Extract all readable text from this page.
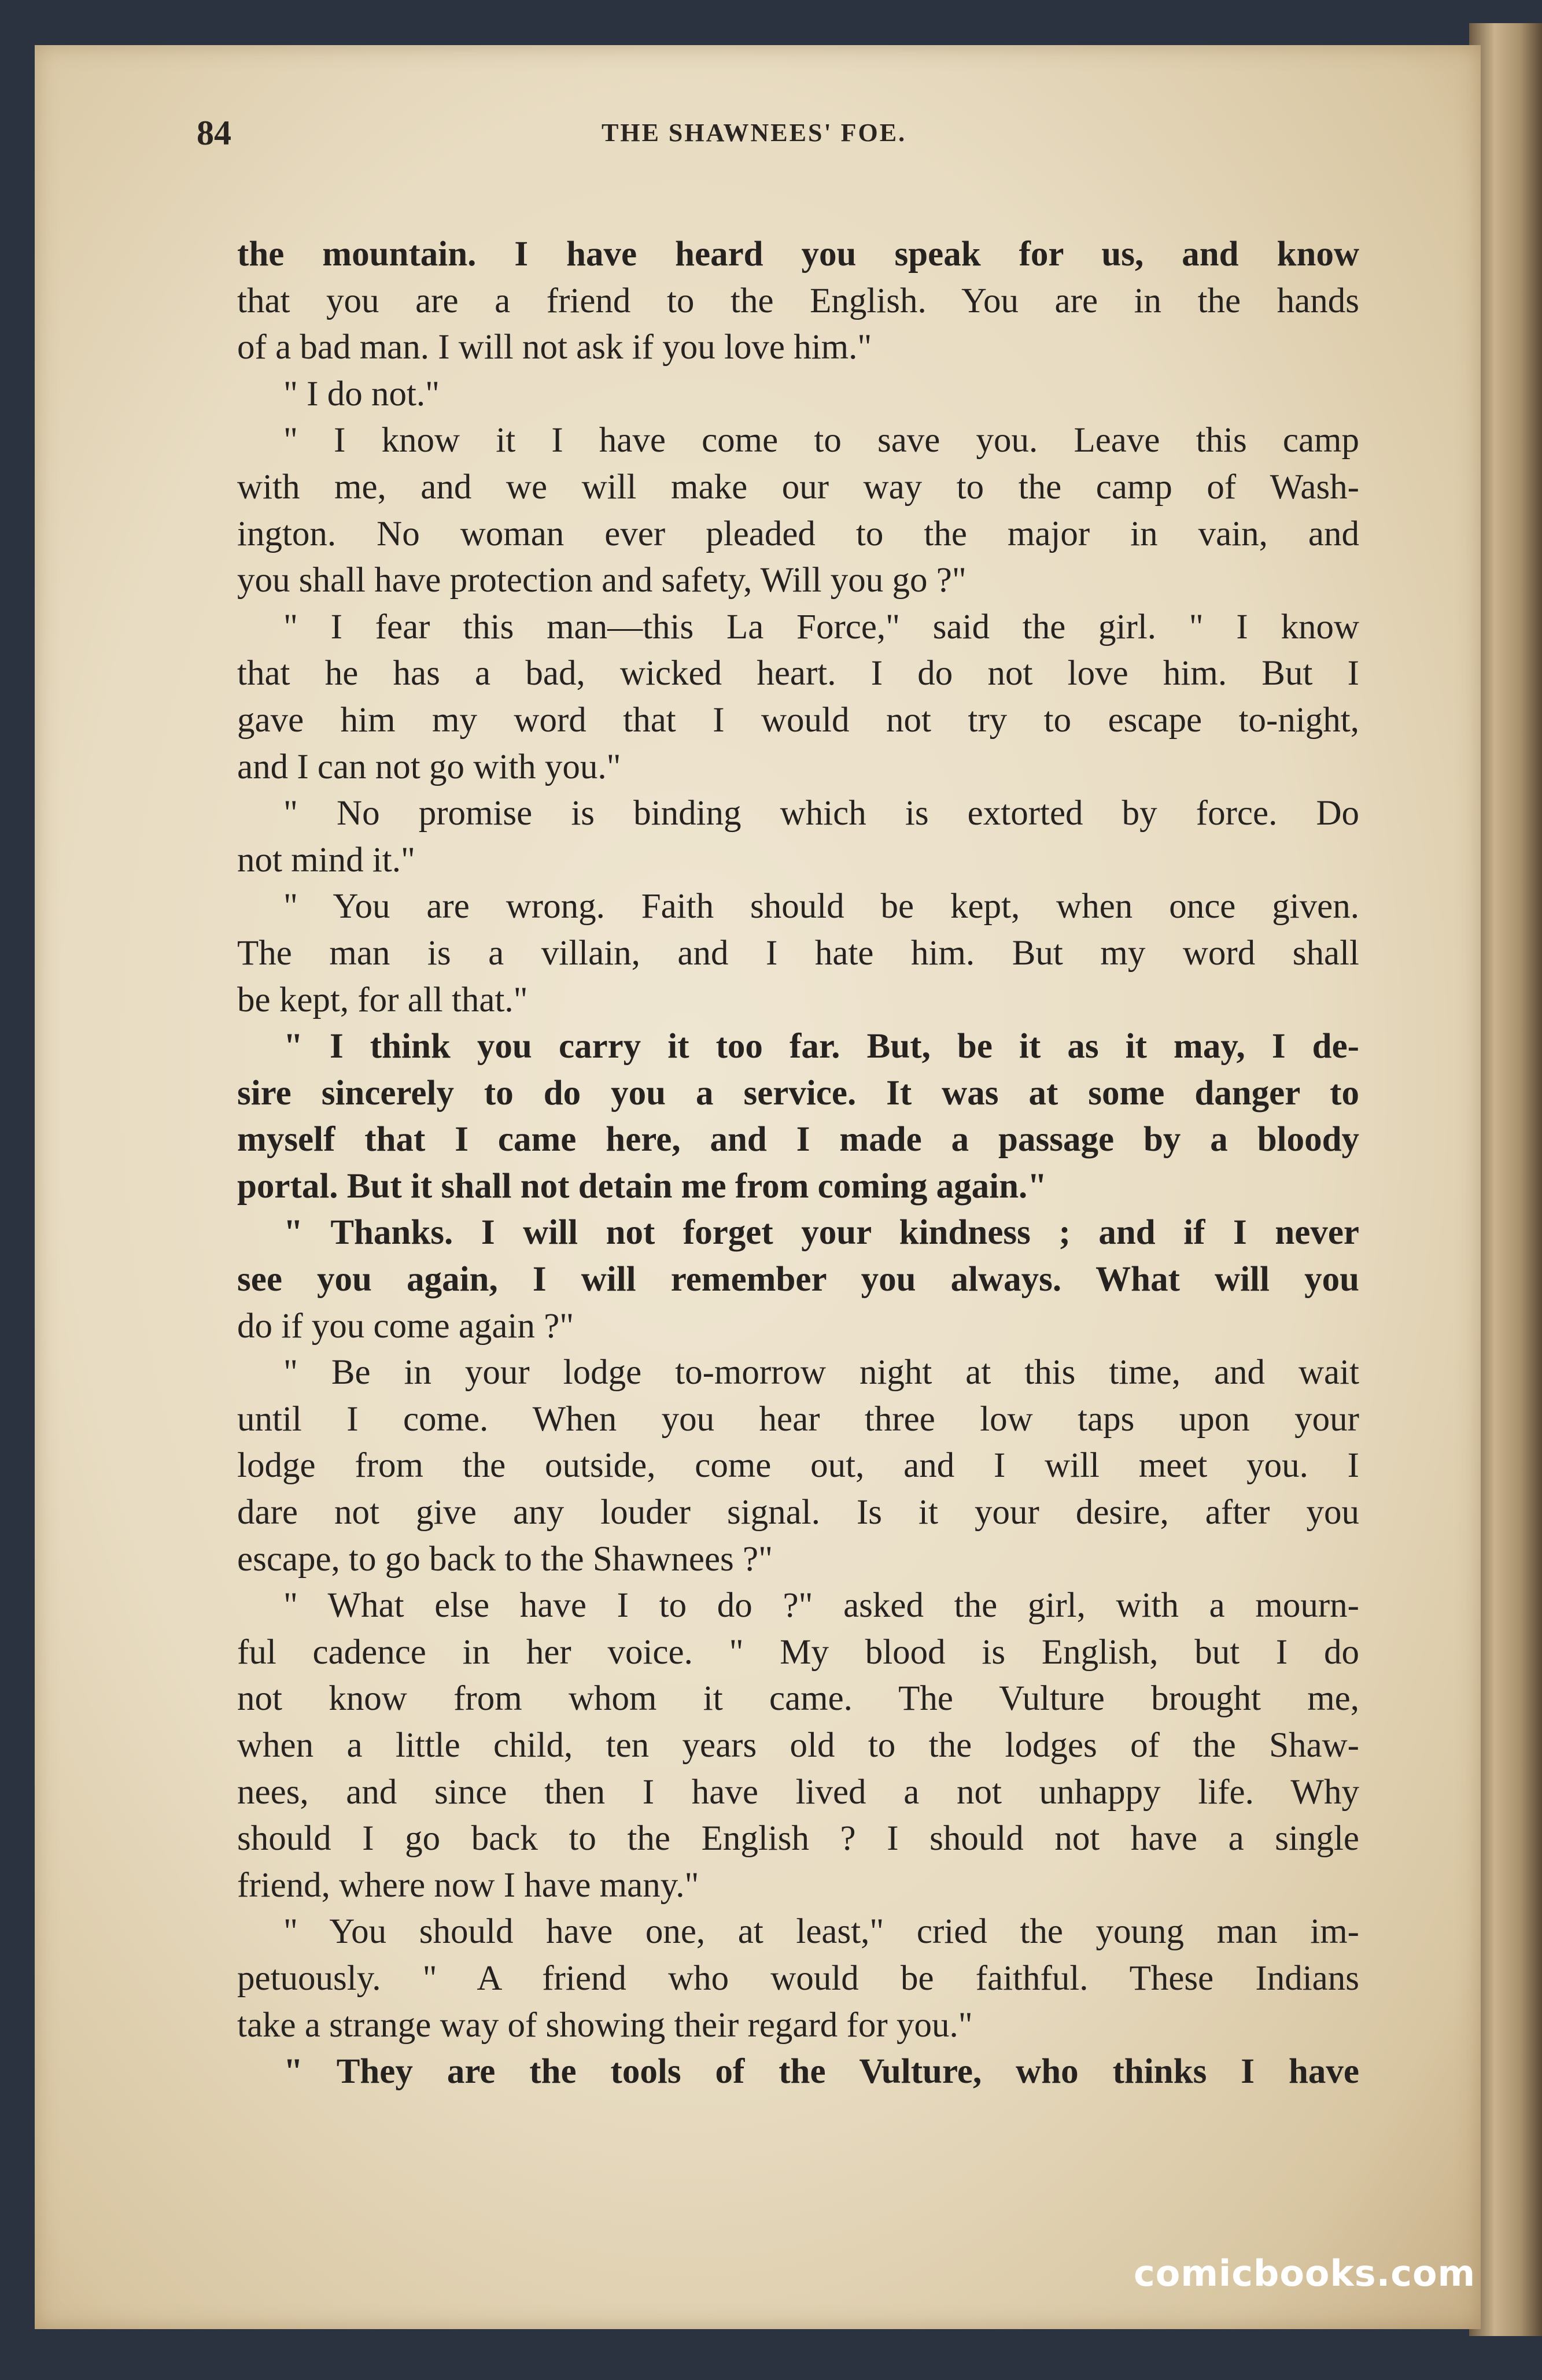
84	THE SHAWNEES' FOE.
the mountain. I have heard you speak for us, and know
that you are a friend to the English. You are in the hands
of a bad man. I will not ask if you love him."
" I do not."
" I know it I have come to save you. Leave this camp
with me, and we will make our way to the camp of Wash-
ington. No woman ever pleaded to the major in vain, and
you shall have protection and safety, Will you go ?"
" I fear this man—this La Force," said the girl. " I know
that he has a bad, wicked heart. I do not love him. But I
gave him my word that I would not try to escape to-night,
and I can not go with you."
" No promise is binding which is extorted by force. Do
not mind it."
" You are wrong. Faith should be kept, when once given.
The man is a villain, and I hate him. But my word shall
be kept, for all that."
" I think you carry it too far. But, be it as it may, I de-
sire sincerely to do you a service. It was at some danger to
myself that I came here, and I made a passage by a bloody
portal. But it shall not detain me from coming again."
" Thanks. I will not forget your kindness ; and if I never
see you again, I will remember you always. What will you
do if you come again ?"
" Be in your lodge to-morrow night at this time, and wait
until I come. When you hear three low taps upon your
lodge from the outside, come out, and I will meet you. I
dare not give any louder signal. Is it your desire, after you
escape, to go back to the Shawnees ?"
" What else have I to do ?" asked the girl, with a mourn-
ful cadence in her voice. " My blood is English, but I do
not know from whom it came. The Vulture brought me,
when a little child, ten years old to the lodges of the Shaw-
nees, and since then I have lived a not unhappy life. Why
should I go back to the English ? I should not have a single
friend, where now I have many."
" You should have one, at least," cried the young man im-
petuously. " A friend who would be faithful. These Indians
take a strange way of showing their regard for you."
" They are the tools of the Vulture, who thinks I have
comicbooks.com
